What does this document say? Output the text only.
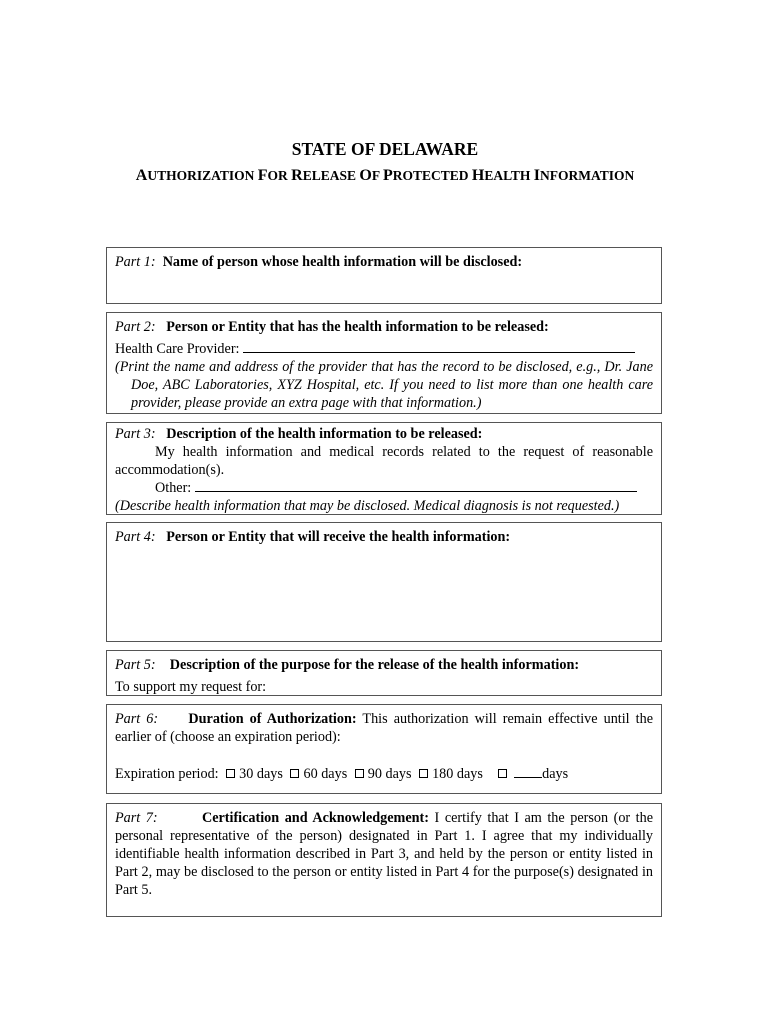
STATE OF DELAWARE
AUTHORIZATION FOR RELEASE OF PROTECTED HEALTH INFORMATION
Part 1: Name of person whose health information will be disclosed:
Part 2: Person or Entity that has the health information to be released:
Health Care Provider:
(Print the name and address of the provider that has the record to be disclosed, e.g., Dr. Jane Doe, ABC Laboratories, XYZ Hospital, etc. If you need to list more than one health care provider, please provide an extra page with that information.)
Part 3: Description of the health information to be released:
My health information and medical records related to the request of reasonable accommodation(s).
Other:
(Describe health information that may be disclosed. Medical diagnosis is not requested.)
Part 4: Person or Entity that will receive the health information:
Part 5: Description of the purpose for the release of the health information:
To support my request for:
Part 6: Duration of Authorization: This authorization will remain effective until the earlier of (choose an expiration period):
Expiration period: 30 days 60 days 90 days 180 days	days
Part 7:	Certification and Acknowledgement: I certify that I am the person (or the personal representative of the person) designated in Part 1. I agree that my individually identifiable health information described in Part 3, and held by the person or entity listed in Part 2, may be disclosed to the person or entity listed in Part 4 for the purpose(s) designated in Part 5.
